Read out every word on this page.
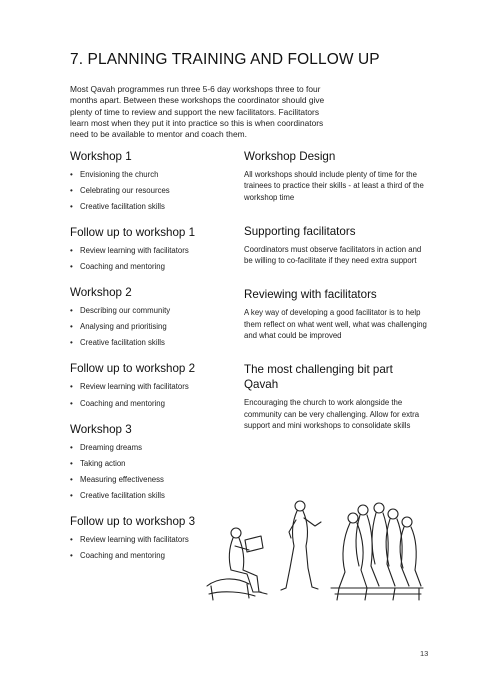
7. PLANNING TRAINING AND FOLLOW UP

Most Qavah programmes run three 5-6 day workshops three to four months apart. Between these workshops the coordinator should give plenty of time to review and support the new facilitators. Facilitators learn most when they put it into practice so this is when coordinators need to be available to mentor and coach them.

Workshop 1
• Envisioning the church
• Celebrating our resources
• Creative facilitation skills
Follow up to workshop 1
• Review learning with facilitators
• Coaching and mentoring
Workshop 2
• Describing our community
• Analysing and prioritising
• Creative facilitation skills
Follow up to workshop 2
• Review learning with facilitators
• Coaching and mentoring
Workshop 3
• Dreaming dreams
• Taking action
• Measuring effectiveness
• Creative facilitation skills
Follow up to workshop 3
• Review learning with facilitators
• Coaching and mentoring
Workshop Design

All workshops should include plenty of time for the trainees to practice their skills - at least a third of the workshop time

Supporting facilitators

Coordinators must observe facilitators in action and be willing to co-facilitate if they need extra support

Reviewing with facilitators

A key way of developing a good facilitator is to help them reflect on what went well, what was challenging and what could be improved

The most challenging bit part Qavah

Encouraging the church to work alongside the community can be very challenging. Allow for extra support and mini workshops to consolidate skills

13
